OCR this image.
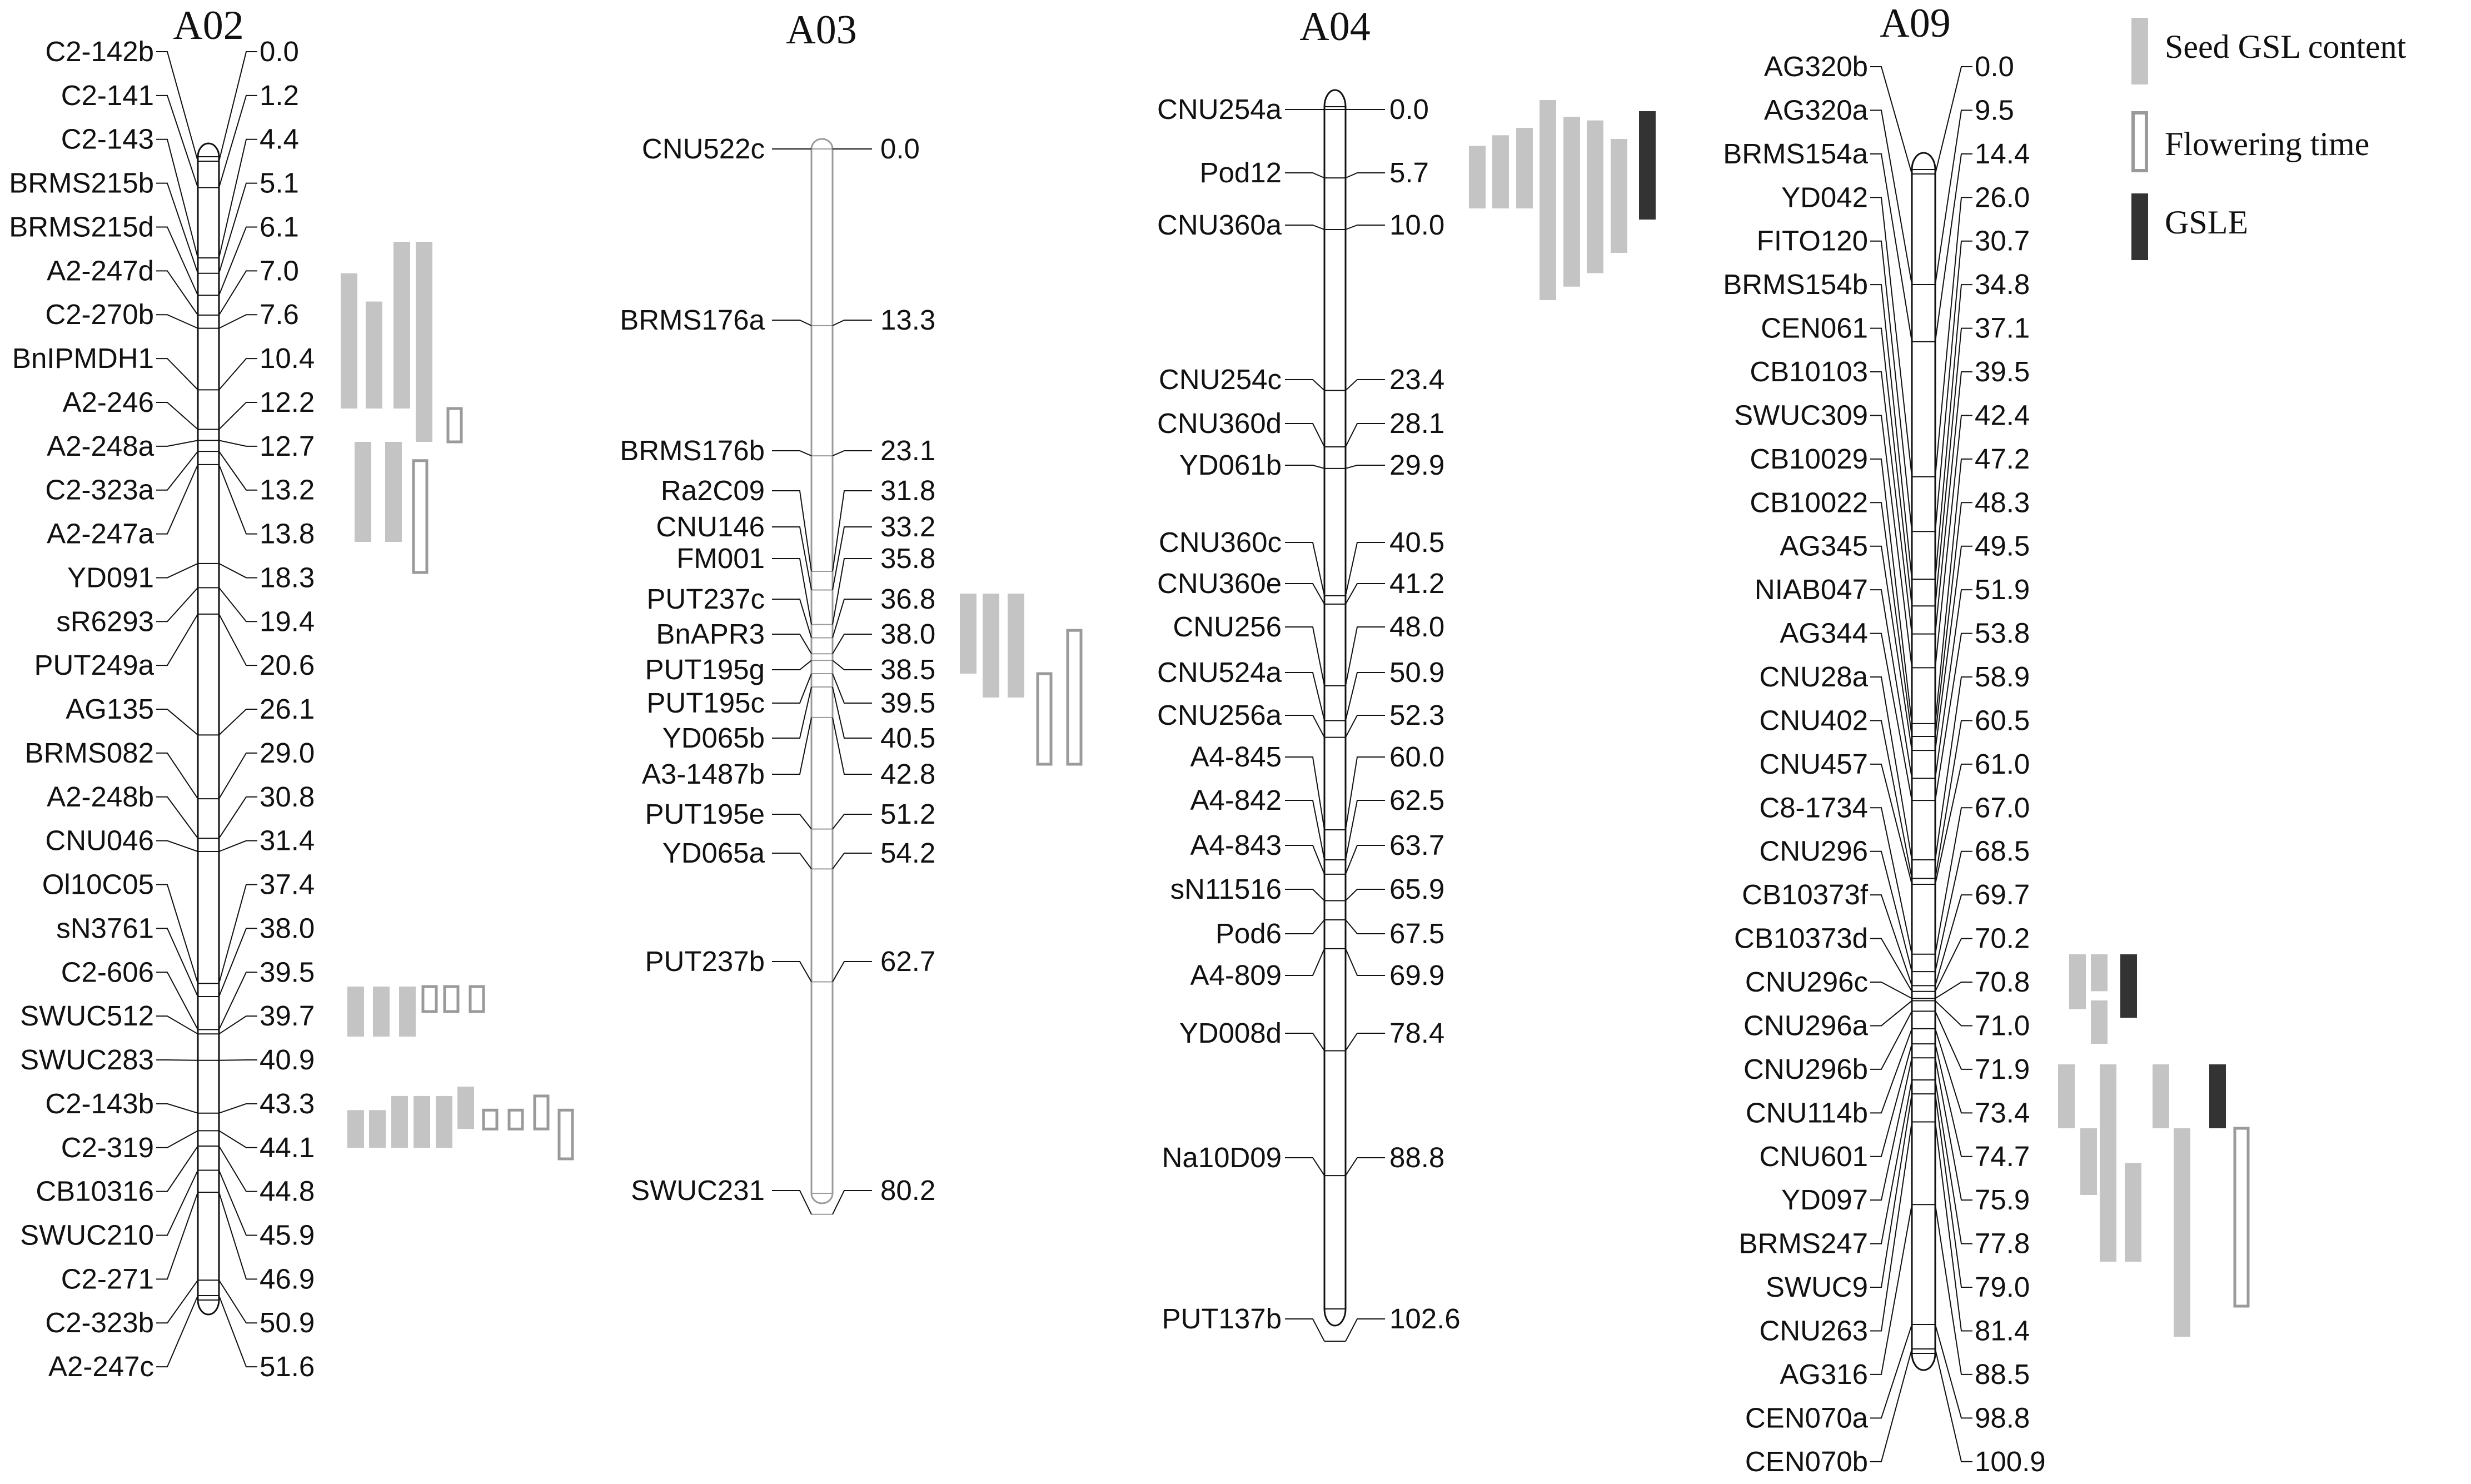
A02	A03	A04	A09
Seed GSL content
Flowering time
GSLE
C2-142b	0.0
C2-141	1.2
C2-143	4.4
BRMS215b	5.1
BRMS215d	6.1
A2-247d	7.0
C2-270b	7.6
BnIPMDH1	10.4
A2-246	12.2
A2-248a	12.7
C2-323a	13.2
A2-247a	13.8
YD091	18.3
sR6293	19.4
PUT249a	20.6
AG135	26.1
BRMS082	29.0
A2-248b	30.8
CNU046	31.4
Ol10C05	37.4
sN3761	38.0
C2-606	39.5
SWUC512	39.7
SWUC283	40.9
C2-143b	43.3
C2-319	44.1
CB10316	44.8
SWUC210	45.9
C2-271	46.9
C2-323b	50.9
A2-247c	51.6
CNU522c	0.0
BRMS176a	13.3
BRMS176b	23.1
Ra2C09	31.8
CNU146	33.2
FM001	35.8
PUT237c	36.8
BnAPR3	38.0
PUT195g	38.5
PUT195c	39.5
YD065b	40.5
A3-1487b	42.8
PUT195e	51.2
YD065a	54.2
PUT237b	62.7
SWUC231	80.2
CNU254a	0.0
Pod12	5.7
CNU360a	10.0
CNU254c	23.4
CNU360d	28.1
YD061b	29.9
CNU360c	40.5
CNU360e	41.2
CNU256	48.0
CNU524a	50.9
CNU256a	52.3
A4-845	60.0
A4-842	62.5
A4-843	63.7
sN11516	65.9
Pod6	67.5
A4-809	69.9
YD008d	78.4
Na10D09	88.8
PUT137b	102.6
AG320b	0.0
AG320a	9.5
BRMS154a	14.4
YD042	26.0
FITO120	30.7
BRMS154b	34.8
CEN061	37.1
CB10103	39.5
SWUC309	42.4
CB10029	47.2
CB10022	48.3
AG345	49.5
NIAB047	51.9
AG344	53.8
CNU28a	58.9
CNU402	60.5
CNU457	61.0
C8-1734	67.0
CNU296	68.5
CB10373f	69.7
CB10373d	70.2
CNU296c	70.8
CNU296a	71.0
CNU296b	71.9
CNU114b	73.4
CNU601	74.7
YD097	75.9
BRMS247	77.8
SWUC9	79.0
CNU263	81.4
AG316	88.5
CEN070a	98.8
CEN070b	100.9
